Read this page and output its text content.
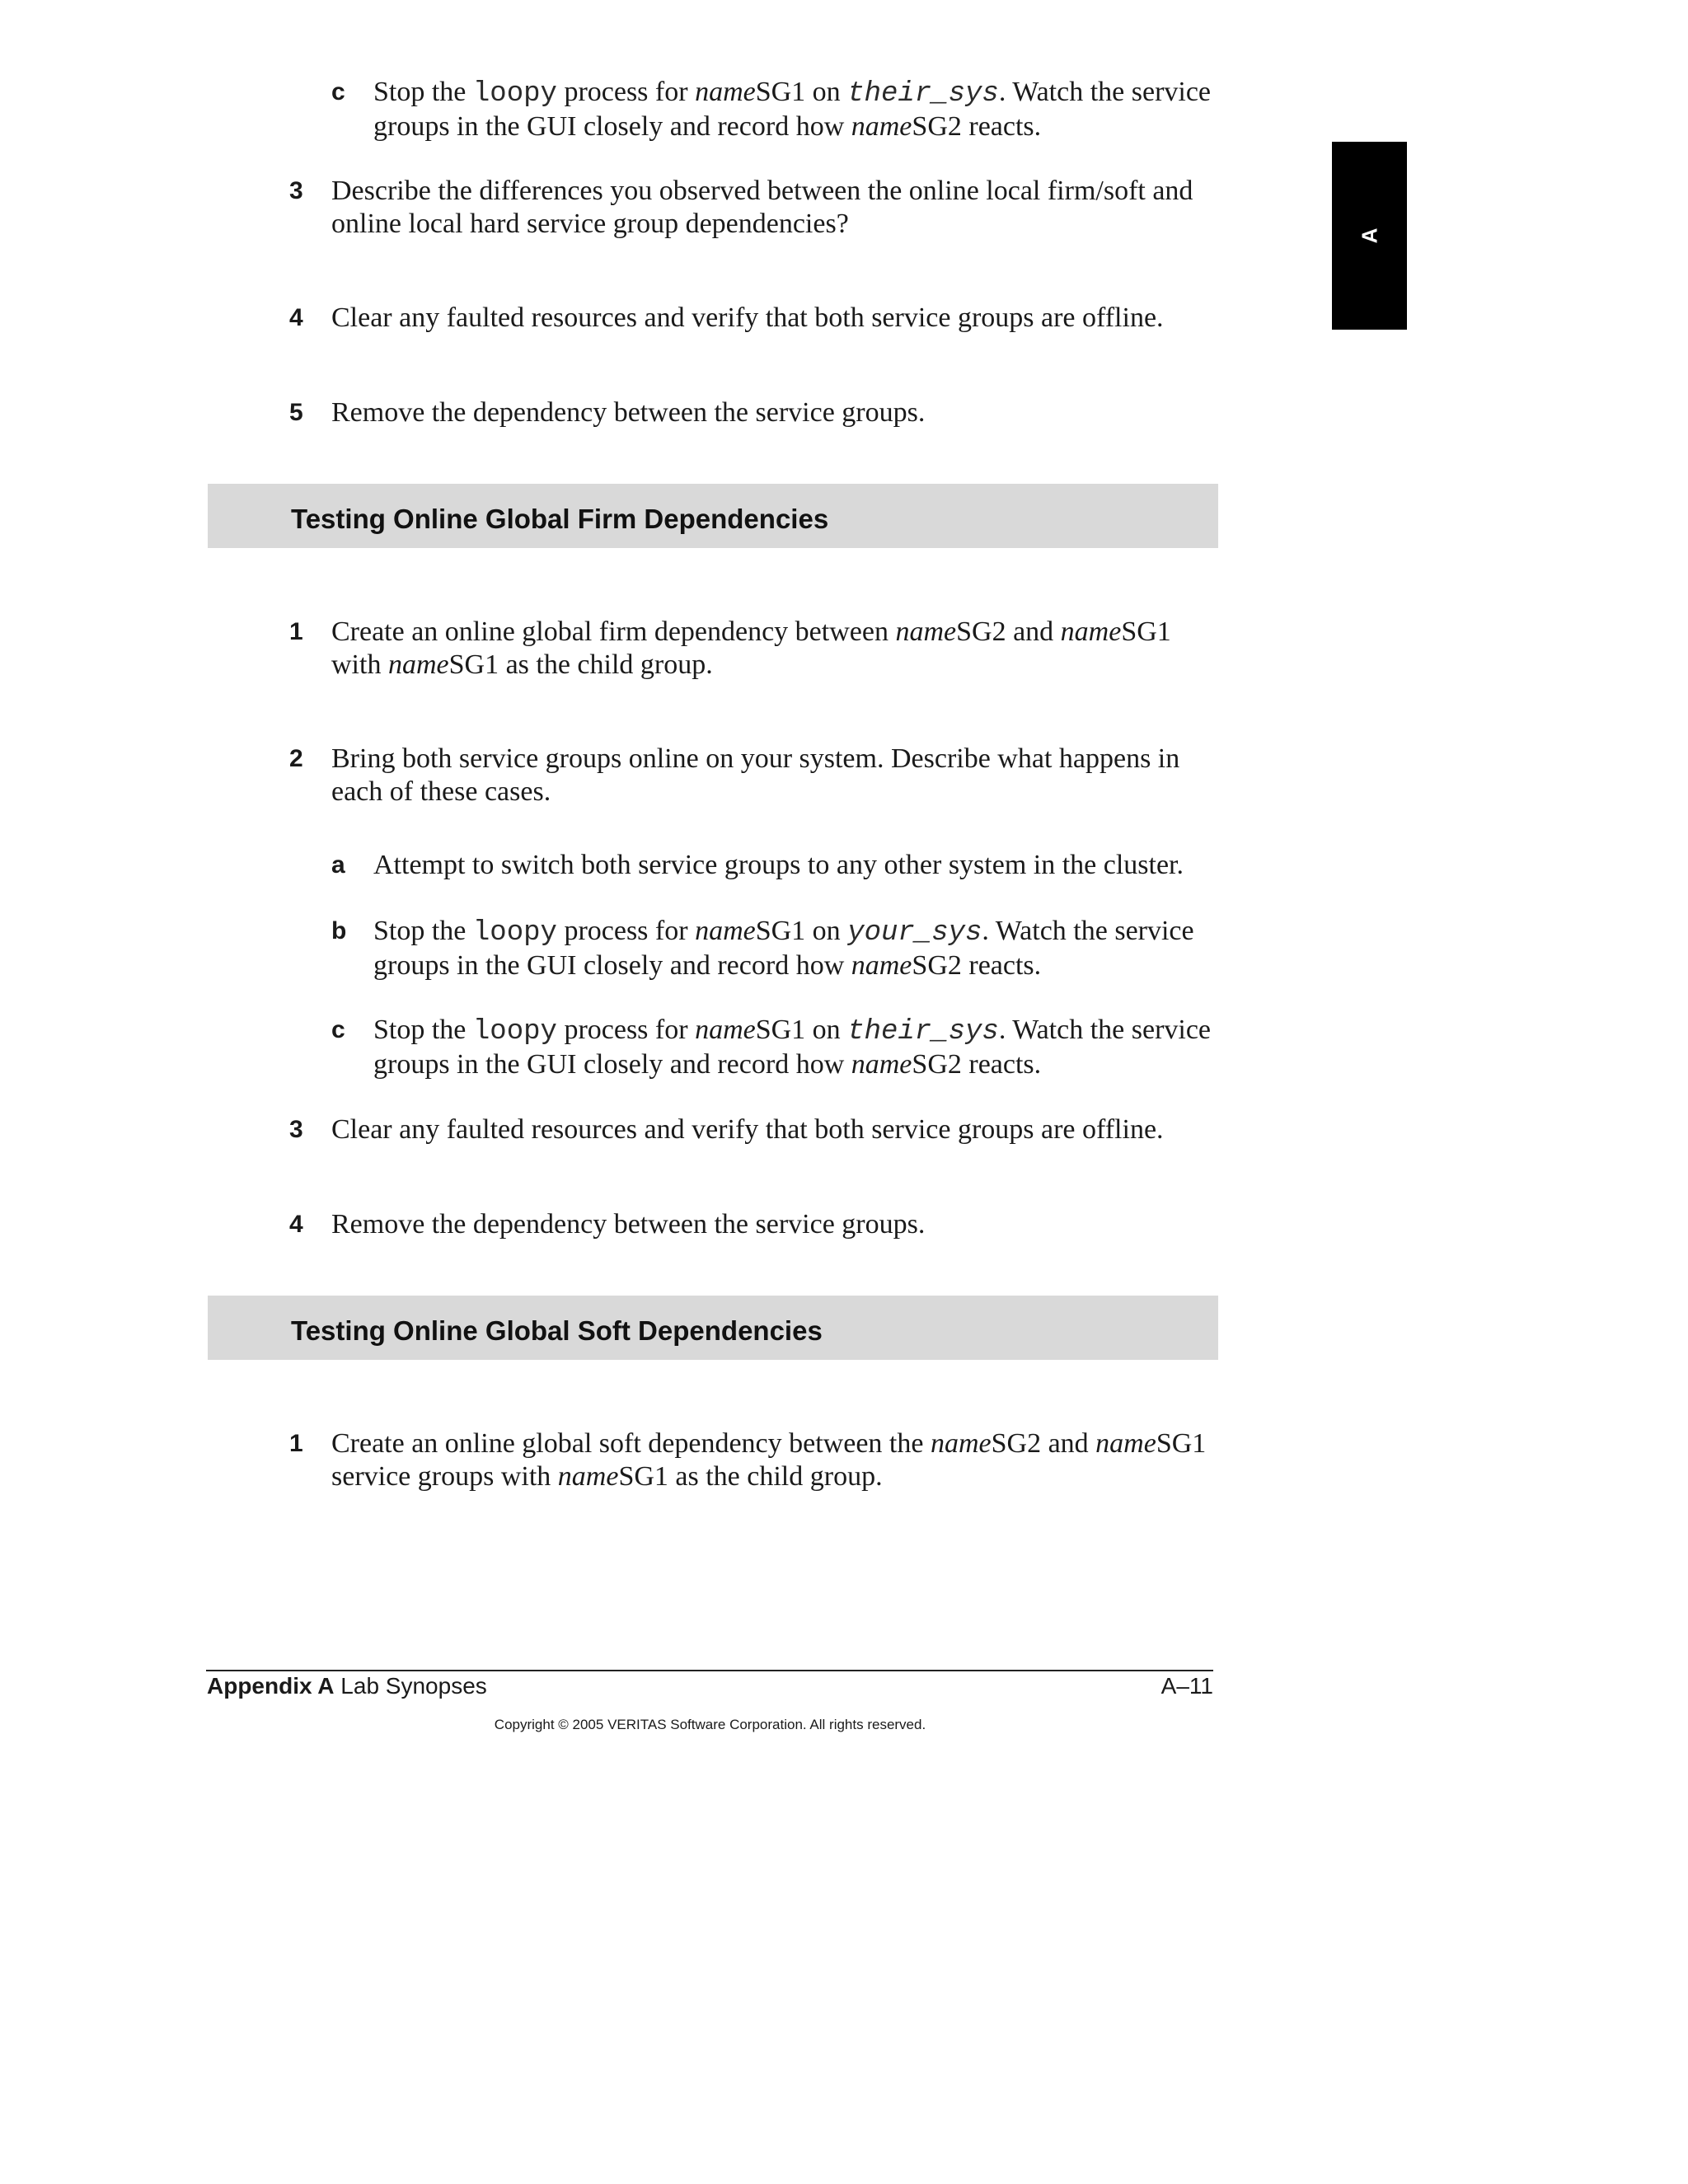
A
c Stop the loopy process for nameSG1 on their_sys. Watch the service groups in the GUI closely and record how nameSG2 reacts.
3 Describe the differences you observed between the online local firm/soft and online local hard service group dependencies?
4 Clear any faulted resources and verify that both service groups are offline.
5 Remove the dependency between the service groups.
Testing Online Global Firm Dependencies
1 Create an online global firm dependency between nameSG2 and nameSG1 with nameSG1 as the child group.
2 Bring both service groups online on your system. Describe what happens in each of these cases.
a Attempt to switch both service groups to any other system in the cluster.
b Stop the loopy process for nameSG1 on your_sys. Watch the service groups in the GUI closely and record how nameSG2 reacts.
c Stop the loopy process for nameSG1 on their_sys. Watch the service groups in the GUI closely and record how nameSG2 reacts.
3 Clear any faulted resources and verify that both service groups are offline.
4 Remove the dependency between the service groups.
Testing Online Global Soft Dependencies
1 Create an online global soft dependency between the nameSG2 and nameSG1 service groups with nameSG1 as the child group.
Appendix A Lab Synopses	A–11
Copyright © 2005 VERITAS Software Corporation. All rights reserved.
